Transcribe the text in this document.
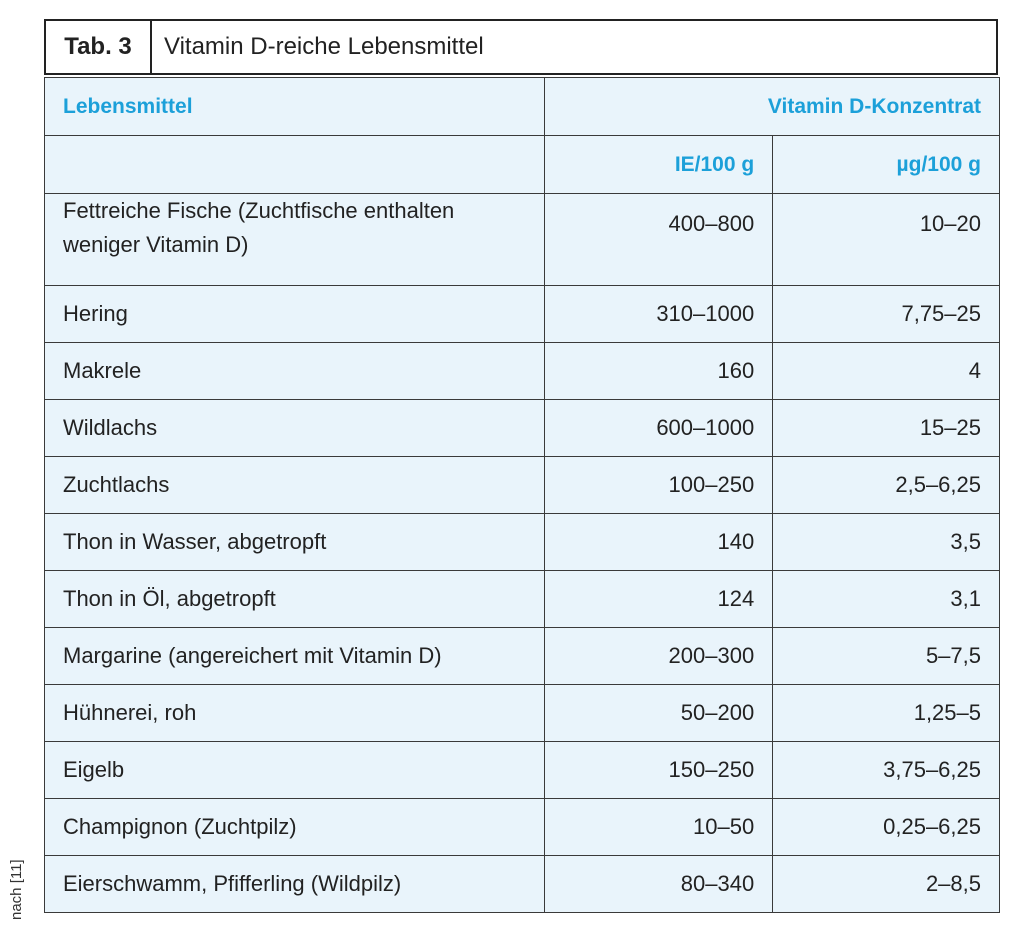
nach [11]
Tab. 3	Vitamin D-reiche Lebensmittel
Lebensmittel	Vitamin D-Konzentrat	
	IE/100 g	µg/100 g
Fettreiche Fische (Zuchtfische enthalten weniger Vitamin D)	400–800	10–20
Hering	310–1000	7,75–25
Makrele	160	4
Wildlachs	600–1000	15–25
Zuchtlachs	100–250	2,5–6,25
Thon in Wasser, abgetropft	140	3,5
Thon in Öl, abgetropft	124	3,1
Margarine (angereichert mit Vitamin D)	200–300	5–7,5
Hühnerei, roh	50–200	1,25–5
Eigelb	150–250	3,75–6,25
Champignon (Zuchtpilz)	10–50	0,25–6,25
Eierschwamm, Pfifferling (Wildpilz)	80–340	2–8,5
